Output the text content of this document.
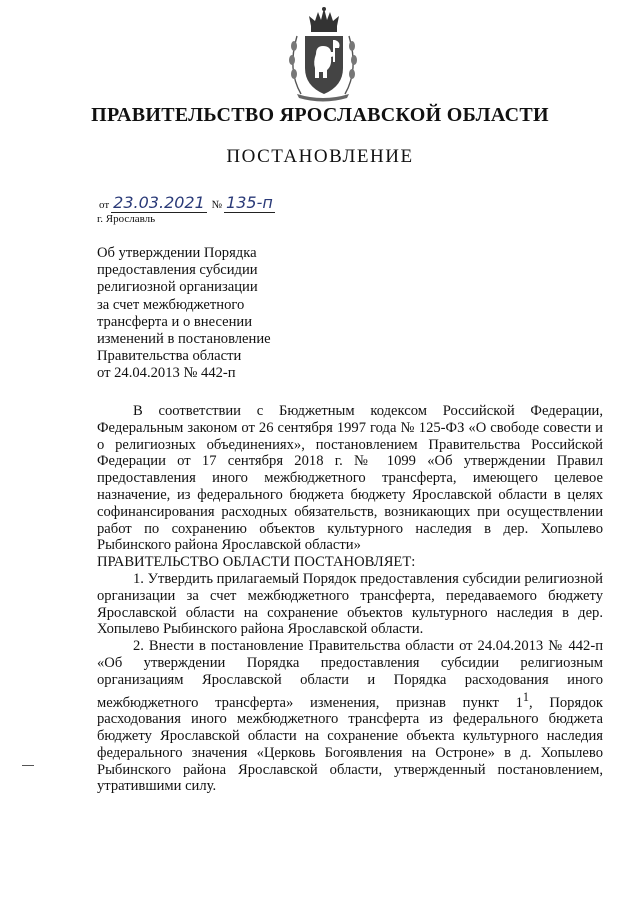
ПРАВИТЕЛЬСТВО ЯРОСЛАВСКОЙ ОБЛАСТИ
ПОСТАНОВЛЕНИЕ
от 23.03.2021 № 135-п
г. Ярославль
Об утверждении Порядка
предоставления субсидии
религиозной организации
за счет межбюджетного
трансферта и о внесении
изменений в постановление
Правительства области
от 24.04.2013 № 442-п

В соответствии с Бюджетным кодексом Российской Федерации, Федеральным законом от 26 сентября 1997 года № 125-ФЗ «О свободе совести и о религиозных объединениях», постановлением Правительства Российской Федерации от 17 сентября 2018 г. № 1099 «Об утверждении Правил предоставления иного межбюджетного трансферта, имеющего целевое назначение, из федерального бюджета бюджету Ярославской области в целях софинансирования расходных обязательств, возникающих при осуществлении работ по сохранению объектов культурного наследия в дер. Хопылево Рыбинского района Ярославской области»

ПРАВИТЕЛЬСТВО ОБЛАСТИ ПОСТАНОВЛЯЕТ:

1. Утвердить прилагаемый Порядок предоставления субсидии религиозной организации за счет межбюджетного трансферта, передаваемого бюджету Ярославской области на сохранение объектов культурного наследия в дер. Хопылево Рыбинского района Ярославской области.

2. Внести в постановление Правительства области от 24.04.2013 № 442-п «Об утверждении Порядка предоставления субсидии религиозным организациям Ярославской области и Порядка расходования иного межбюджетного трансферта» изменения, признав пункт $1^1$, Порядок расходования иного межбюджетного трансферта из федерального бюджета бюджету Ярославской области на сохранение объекта культурного наследия федерального значения «Церковь Богоявления на Остроне» в д. Хопылево Рыбинского района Ярославской области, утвержденный постановлением, утратившими силу.
